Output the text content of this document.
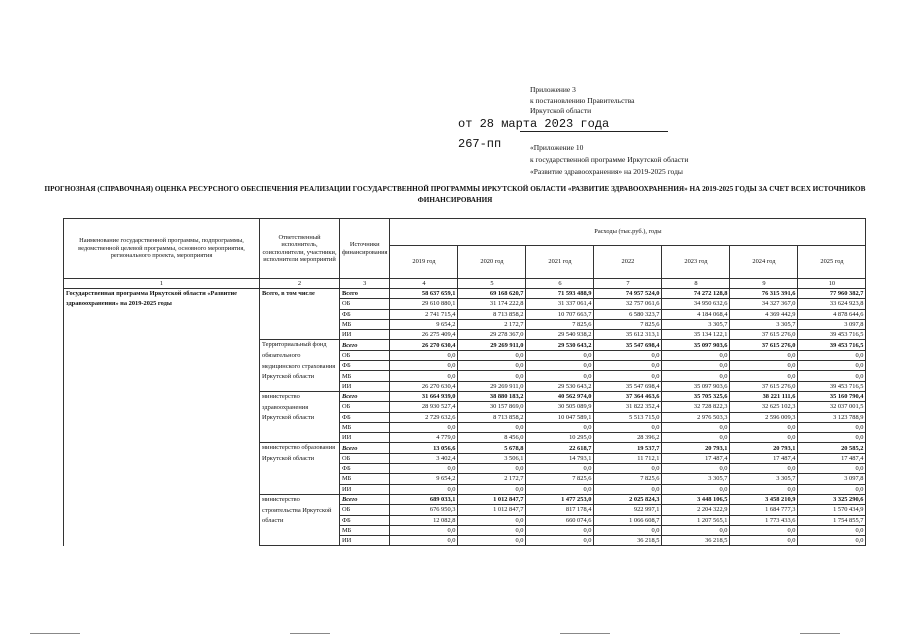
Приложение 3
к постановлению Правительства
Иркутской области
от 28 марта 2023 года
267-пп	«Приложение 10
к государственной программе Иркутской области
«Развитие здравоохранения» на 2019-2025 годы
ПРОГНОЗНАЯ (СПРАВОЧНАЯ) ОЦЕНКА РЕСУРСНОГО ОБЕСПЕЧЕНИЯ РЕАЛИЗАЦИИ ГОСУДАРСТВЕННОЙ ПРОГРАММЫ ИРКУТСКОЙ ОБЛАСТИ «РАЗВИТИЕ ЗДРАВООХРАНЕНИЯ» НА 2019-2025 ГОДЫ ЗА СЧЕТ ВСЕХ ИСТОЧНИКОВ ФИНАНСИРОВАНИЯ
Наименование государственной программы, подпрограммы, ведомственной целевой программы, основного мероприятия, регионального проекта, мероприятия	Ответственный исполнитель, соисполнители, участники, исполнители мероприятий	Источники финансирования	Расходы (тыс.руб.), годы						
			2019 год	2020 год	2021 год	2022	2023 год	2024 год	2025 год
1	2	3	4	5	6	7	8	9	10
Государственная программа Иркутской области «Развитие здравоохранения» на 2019-2025 годы	Всего, в том числе	Всего	58 637 659,1	69 168 620,7	71 593 488,9	74 957 524,0	74 272 128,8	76 315 391,6	77 960 382,7
		ОБ	29 610 880,1	31 174 222,8	31 337 061,4	32 757 061,6	34 950 632,6	34 327 367,0	33 624 923,8
		ФБ	2 741 715,4	8 713 858,2	10 707 663,7	6 580 323,7	4 184 068,4	4 369 442,9	4 878 644,6
		МБ	9 654,2	2 172,7	7 825,6	7 825,6	3 305,7	3 305,7	3 097,8
		ИИ	26 275 409,4	29 278 367,0	29 540 938,2	35 612 313,1	35 134 122,1	37 615 276,0	39 453 716,5
	Территориальный фонд обязательного медицинского страхования Иркутской области	Всего	26 270 630,4	29 269 911,0	29 530 643,2	35 547 698,4	35 097 903,6	37 615 276,0	39 453 716,5
		ОБ	0,0	0,0	0,0	0,0	0,0	0,0	0,0
		ФБ	0,0	0,0	0,0	0,0	0,0	0,0	0,0
		МБ	0,0	0,0	0,0	0,0	0,0	0,0	0,0
		ИИ	26 270 630,4	29 269 911,0	29 530 643,2	35 547 698,4	35 097 903,6	37 615 276,0	39 453 716,5
	министерство здравоохранения Иркутской области	Всего	31 664 939,0	38 880 183,2	40 562 974,0	37 364 463,6	35 705 325,6	38 221 111,6	35 160 790,4
		ОБ	28 930 527,4	30 157 869,0	30 505 089,9	31 822 352,4	32 728 822,3	32 625 102,3	32 037 001,5
		ФБ	2 729 632,6	8 713 858,2	10 047 589,1	5 513 715,0	2 976 503,3	2 596 009,3	3 123 788,9
		МБ	0,0	0,0	0,0	0,0	0,0	0,0	0,0
		ИИ	4 779,0	8 456,0	10 295,0	28 396,2	0,0	0,0	0,0
	министерство образования Иркутской области	Всего	13 056,6	5 678,8	22 618,7	19 537,7	20 793,1	20 793,1	20 585,2
		ОБ	3 402,4	3 506,1	14 793,1	11 712,1	17 487,4	17 487,4	17 487,4
		ФБ	0,0	0,0	0,0	0,0	0,0	0,0	0,0
		МБ	9 654,2	2 172,7	7 825,6	7 825,6	3 305,7	3 305,7	3 097,8
		ИИ	0,0	0,0	0,0	0,0	0,0	0,0	0,0
	министерство строительства Иркутской области	Всего	689 033,1	1 012 847,7	1 477 253,0	2 025 824,3	3 448 106,5	3 458 210,9	3 325 290,6
		ОБ	676 950,3	1 012 847,7	817 178,4	922 997,1	2 204 322,9	1 684 777,3	1 570 434,9
		ФБ	12 082,8	0,0	660 074,6	1 066 608,7	1 207 565,1	1 773 433,6	1 754 855,7
		МБ	0,0	0,0	0,0	0,0	0,0	0,0	0,0
		ИИ	0,0	0,0	0,0	36 218,5	36 218,5	0,0	0,0
